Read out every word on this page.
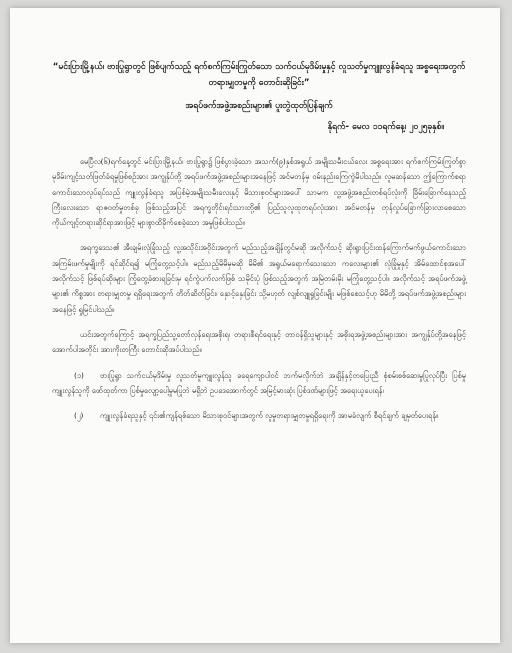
“မင်းပြားမြို့နယ်၊ ဗားပြုရွာတွင် ဖြစ်ပျက်သည့် ရက်စက်ကြမ်းကြုတ်သော သက်ငယ်မုဒိမ်းမှုနှင့် လူသတ်မှုကျူးလွန်ခံရသူ အစ္စရေးအတွက် တရားမျှတမှုကို တောင်းဆိုခြင်း”
အရပ်ဖက်အဖွဲ့အစည်းများ၏ ပူးတွဲထုတ်ပြန်ချက်
နိုရက်- မေလ ၁၁ရက်နေ့၊ ၂၀၂၅ခုနှစ်။

မေပြီလ(၆)ရက်နေ့တွင် မင်းပြားမြို့နယ်၊ ဗားပြုရွာ၌ ဖြစ်ပွားခဲ့သော အသက်(၉)နှစ်အရွယ် အမျိုးသမီးငယ်လေး အစ္စရေးအား ရက်စက်ကြမ်းကြုတ်စွာ မုဒိမ်းကျင့်သတ်ဖြတ်ခံရမှုဖြစ်စဉ်အား အကျွန်ုပ်တို့ အရပ်ဖက်အဖွဲ့အစည်းများအနေဖြင့် အင်မတန်မှ ဝမ်းနည်းကြေကွဲမိပါသည်။ လူမဆန်သော ဤကြောက်စရာကောင်းသောလုပ်ရပ်သည် ကျူးလွန်ခံရသူ အပြစ်မဲ့အမျိုးသမီးလေးနှင့် မိသားစုဝင်များအပေါ် သာမက လူ့အဖွဲ့အစည်းတစ်ရပ်လုံးကို ခြိမ်းခြောက်နေသည့် ကြီးလေးသော ရာဇဝတ်မှုတစ်ခု ဖြစ်သည့်အပြင် အရက္ခတိုင်းရင်းသားတို့၏ ပြည်သူလူထုတရပ်လုံးအား အင်မတန်မှ တုန်လှုပ်ခြောက်ခြားလာစေသော ကိုယ်ကျင့်တရားဆိုင်ရာအားဖြင့် များစွာထိခိုက်စေခဲ့သော အမှုဖြစ်ပါသည်။

အရက္ခဒေသ၏ အီးချမ်းလုံခြုံသည့် လူ့အသိုင်းအဝိုင်းအတွက် မည်သည့်အချိန်တွင်မဆို အလိုက်သင့် ဆိုးရွားပြင်းထန်ကြောက်မက်ဖွယ်ကောင်းသော အကြမ်းဖက်မှုမျိုးကို ရင်ဆိုင်ရ၍ မကြုံတွေ့သင့်ပါ။ မည်သည့်မိမိမှမဆို မိမိ၏ အရွယ်မရောက်သေးသော ကလေးများ၏ လုံခြုံမှုနှင့် အိမ်ထောင်စုအပေါ် အလိုက်သင့် ဖြစ်ရပ်ဆိုးများ ကြုံတွေ့ခံစားရခြင်းမှ ရင်ကွဲပက်လက်ဖြစ် သမိုင်းပုံ ဖြစ်သည့်အတွက် အမြဲတမ်းမိုး မကြုံတွေ့သင့်ပါ။ အလိုက်သင့် အရပ်ဖက်အဖွဲ့များ၏ ကိစ္စအား တရားမျှတမှု ရရှိရေးအတွက် တိတ်ဆိတ်ခြင်း၊ နှောင့်နှေးခြင်း သို့မဟုတ် လျစ်လျူရှုခြင်းမျိုး မဖြစ်စေသင့်ဟု မိမိတို့ အရပ်ဖက်အဖွဲ့အစည်းများ အနေဖြင့် ရှုမြင်ပါသည်။

ယင်းအတွက်ကြောင့် အရက္ခပြည်သူ့တော်လှန်ရေးအစိုးရ၊ တရားစီရင်ရေးနှင့် တာဝန်ရှိသူများနှင့် အစိုးရအဖွဲ့အစည်းများအား အကျွန်ုပ်တို့အနေဖြင့် အောက်ပါအတိုင်း အားကိုးတကြီး တောင်းဆိုအပ်ပါသည်။

(၁) ဗားပြုရွာ သက်ငယ်မုဒိမ်းမှု လူသတ်မှုကျူးလွန်သူ ခရေကျောပါဝင် ဘက်မလိုက်ဘဲ အချိန်နှင့်တပြေးညီ စုံစမ်းစစ်ဆေးမှုပြုလုပ်ပြီး ပြစ်မှုကျူးလွန်သူကို ဖော်ထုတ်ကာ ပြစ်မှုလျော့ပေါ့မှုမပြုဘဲ မရှိဘဲ ဥပဒေအောက်တွင် အမြင့်မားဆုံး ပြစ်ဒဏ်များဖြင့် အရေးယူပေးရန်၊

(၂) ကျူးလွန်ခံရသူနှင့် ၎င်း၏ကျန်ရစ်သော မိသားစုဝင်များအတွက် လူမှုတရားမျှတမှုရရှိရေးကို အာမခံလျက် စီရင်ချက် ချမှတ်ပေးရန်။
